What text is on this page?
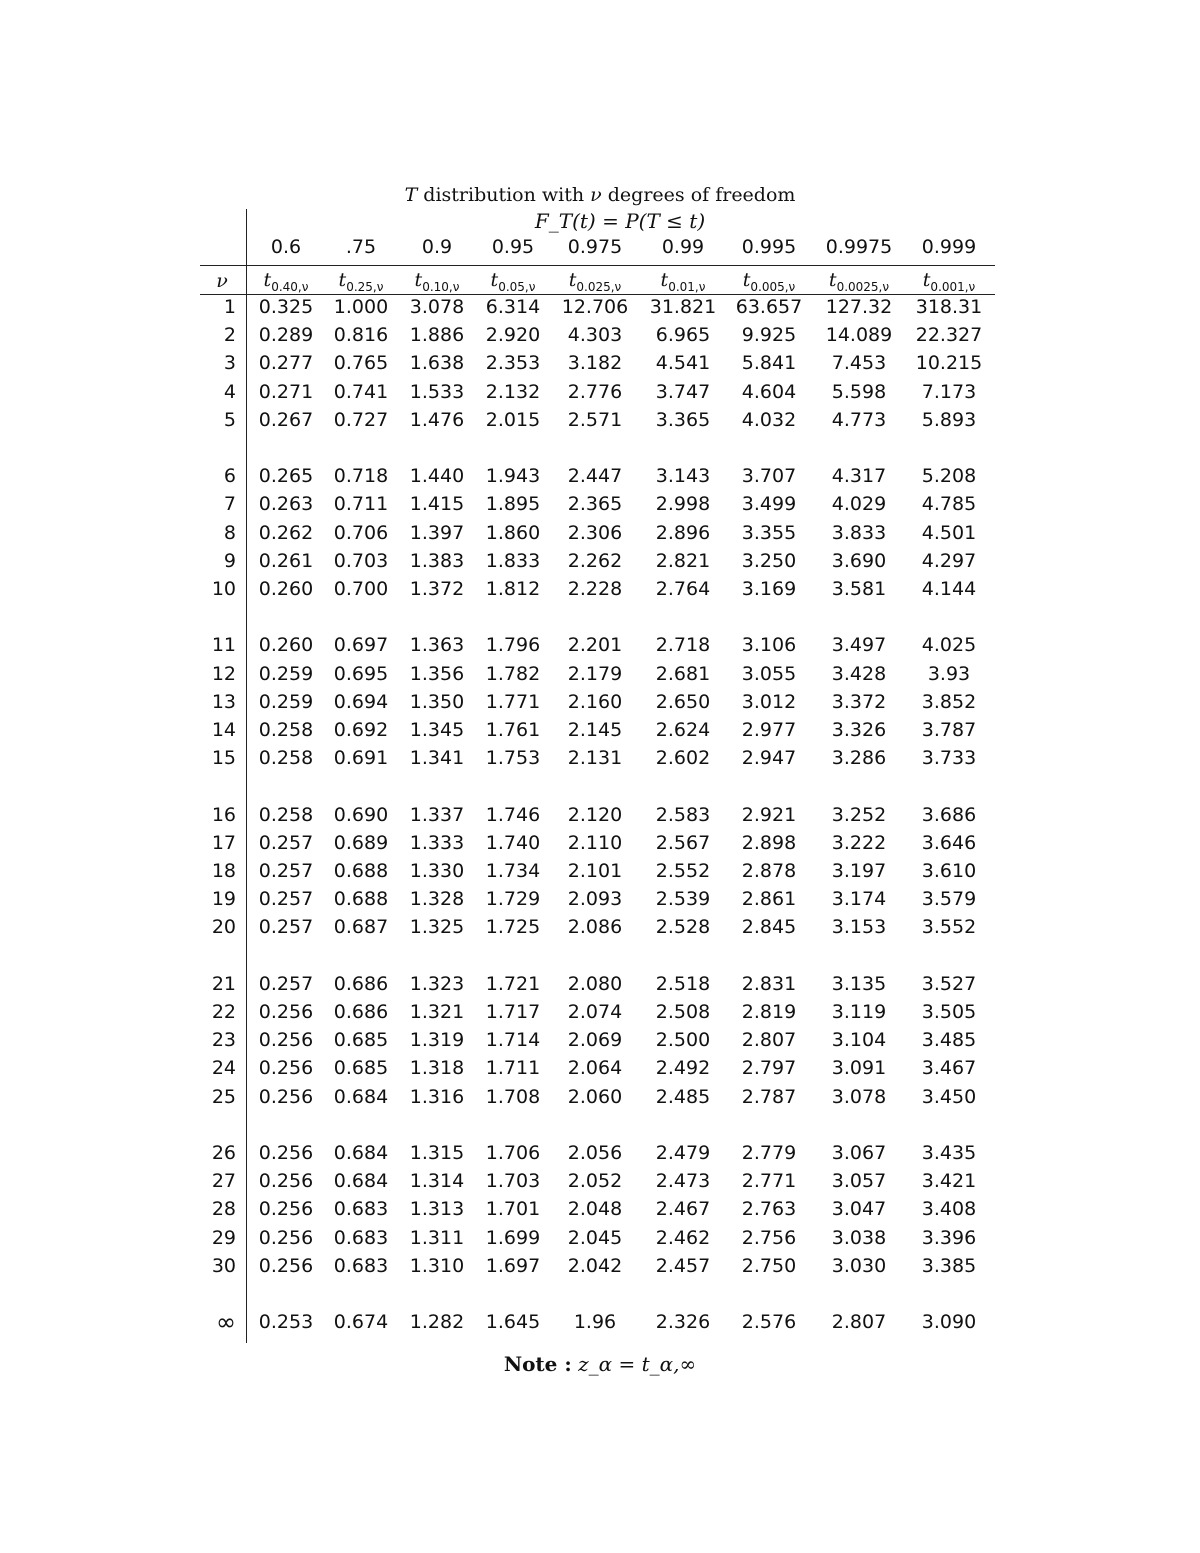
T distribution with ν degrees of freedom
F_T(t) = P(T ≤ t)
0.6	.75	0.9	0.95	0.975	0.99	0.995	0.9975	0.999
ν	$t_{0.40,\nu}$	$t_{0.25,\nu}$	$t_{0.10,\nu}$	$t_{0.05,\nu}$	$t_{0.025,\nu}$	$t_{0.01,\nu}$	$t_{0.005,\nu}$	$t_{0.0025,\nu}$	$t_{0.001,\nu}$
1	0.325	1.000	3.078	6.314	12.706	31.821	63.657	127.32	318.31
2	0.289	0.816	1.886	2.920	4.303	6.965	9.925	14.089	22.327
3	0.277	0.765	1.638	2.353	3.182	4.541	5.841	7.453	10.215
4	0.271	0.741	1.533	2.132	2.776	3.747	4.604	5.598	7.173
5	0.267	0.727	1.476	2.015	2.571	3.365	4.032	4.773	5.893
6	0.265	0.718	1.440	1.943	2.447	3.143	3.707	4.317	5.208
7	0.263	0.711	1.415	1.895	2.365	2.998	3.499	4.029	4.785
8	0.262	0.706	1.397	1.860	2.306	2.896	3.355	3.833	4.501
9	0.261	0.703	1.383	1.833	2.262	2.821	3.250	3.690	4.297
10	0.260	0.700	1.372	1.812	2.228	2.764	3.169	3.581	4.144
11	0.260	0.697	1.363	1.796	2.201	2.718	3.106	3.497	4.025
12	0.259	0.695	1.356	1.782	2.179	2.681	3.055	3.428	3.93
13	0.259	0.694	1.350	1.771	2.160	2.650	3.012	3.372	3.852
14	0.258	0.692	1.345	1.761	2.145	2.624	2.977	3.326	3.787
15	0.258	0.691	1.341	1.753	2.131	2.602	2.947	3.286	3.733
16	0.258	0.690	1.337	1.746	2.120	2.583	2.921	3.252	3.686
17	0.257	0.689	1.333	1.740	2.110	2.567	2.898	3.222	3.646
18	0.257	0.688	1.330	1.734	2.101	2.552	2.878	3.197	3.610
19	0.257	0.688	1.328	1.729	2.093	2.539	2.861	3.174	3.579
20	0.257	0.687	1.325	1.725	2.086	2.528	2.845	3.153	3.552
21	0.257	0.686	1.323	1.721	2.080	2.518	2.831	3.135	3.527
22	0.256	0.686	1.321	1.717	2.074	2.508	2.819	3.119	3.505
23	0.256	0.685	1.319	1.714	2.069	2.500	2.807	3.104	3.485
24	0.256	0.685	1.318	1.711	2.064	2.492	2.797	3.091	3.467
25	0.256	0.684	1.316	1.708	2.060	2.485	2.787	3.078	3.450
26	0.256	0.684	1.315	1.706	2.056	2.479	2.779	3.067	3.435
27	0.256	0.684	1.314	1.703	2.052	2.473	2.771	3.057	3.421
28	0.256	0.683	1.313	1.701	2.048	2.467	2.763	3.047	3.408
29	0.256	0.683	1.311	1.699	2.045	2.462	2.756	3.038	3.396
30	0.256	0.683	1.310	1.697	2.042	2.457	2.750	3.030	3.385
∞	0.253	0.674	1.282	1.645	1.96	2.326	2.576	2.807	3.090
Note : z_α = t_α,∞
